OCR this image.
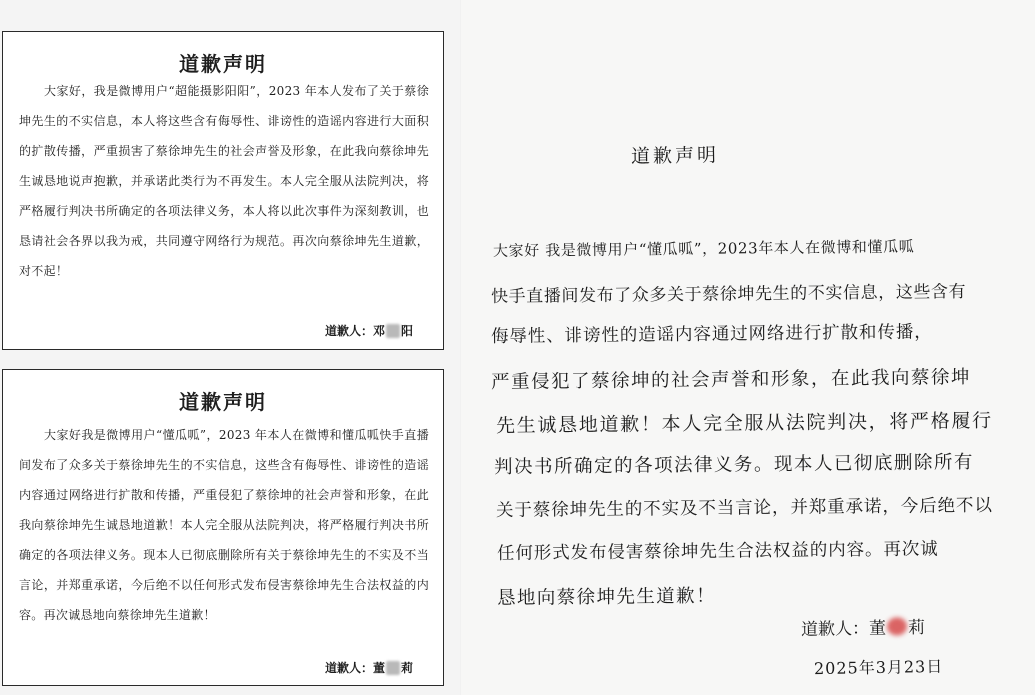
道歉声明
大家好，我是微博用户“超能摄影阳阳”，2023 年本人发布了关于蔡徐坤先生的不实信息，本人将这些含有侮辱性、诽谤性的造谣内容进行大面积的扩散传播，严重损害了蔡徐坤先生的社会声誉及形象，在此我向蔡徐坤先生诚恳地说声抱歉，并承诺此类行为不再发生。本人完全服从法院判决，将严格履行判决书所确定的各项法律义务，本人将以此次事件为深刻教训，也恳请社会各界以我为戒，共同遵守网络行为规范。再次向蔡徐坤先生道歉，对不起！
道歉人： 邓 阳
道歉声明
大家好我是微博用户“懂瓜呱”，2023 年本人在微博和懂瓜呱快手直播间发布了众多关于蔡徐坤先生的不实信息，这些含有侮辱性、诽谤性的造谣内容通过网络进行扩散和传播，严重侵犯了蔡徐坤的社会声誉和形象，在此我向蔡徐坤先生诚恳地道歉！本人完全服从法院判决，将严格履行判决书所确定的各项法律义务。现本人已彻底删除所有关于蔡徐坤先生的不实及不当言论，并郑重承诺，今后绝不以任何形式发布侵害蔡徐坤先生合法权益的内容。再次诚恳地向蔡徐坤先生道歉！
道歉人： 董 莉
道歉声明
大家好 我是微博用户“懂瓜呱”，2023年本人在微博和懂瓜呱
快手直播间发布了众多关于蔡徐坤先生的不实信息，这些含有
侮辱性、诽谤性的造谣内容通过网络进行扩散和传播，
严重侵犯了蔡徐坤的社会声誉和形象，在此我向蔡徐坤
先生诚恳地道歉！本人完全服从法院判决，将严格履行
判决书所确定的各项法律义务。现本人已彻底删除所有
关于蔡徐坤先生的不实及不当言论，并郑重承诺，今后绝不以
任何形式发布侵害蔡徐坤先生合法权益的内容。再次诚
恳地向蔡徐坤先生道歉！
道歉人： 董 莉
2025年3月23日
